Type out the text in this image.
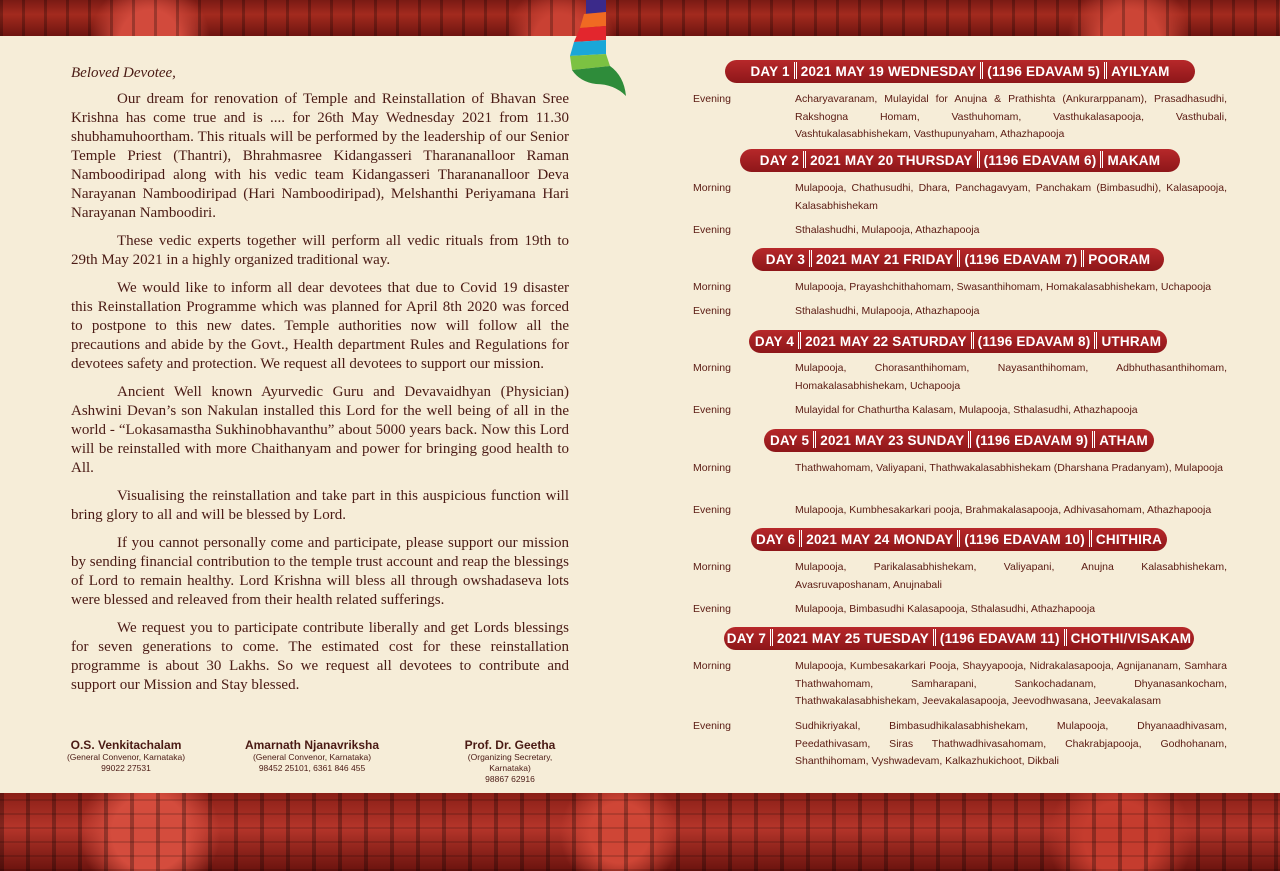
Beloved Devotee,

Our dream for renovation of Temple and Reinstallation of Bhavan Sree Krishna has come true and is .... for 26th May Wednesday 2021 from 11.30 shubhamuhoortham. This rituals will be performed by the leadership of our Senior Temple Priest (Thantri), Bhrahmasree Kidangasseri Tharananalloor Raman Namboodiripad along with his vedic team Kidangasseri Tharananalloor Deva Narayanan Namboodiripad (Hari Namboodiripad), Melshanthi Periyamana Hari Narayanan Namboodiri.

These vedic experts together will perform all vedic rituals from 19th to 29th May 2021 in a highly organized traditional way.

We would like to inform all dear devotees that due to Covid 19 disaster this Reinstallation Programme which was planned for April 8th 2020 was forced to postpone to this new dates. Temple authorities now will follow all the precautions and abide by the Govt., Health department Rules and Regulations for devotees safety and protection. We request all devotees to support our mission.

Ancient Well known Ayurvedic Guru and Devavaidhyan (Physician) Ashwini Devan’s son Nakulan installed this Lord for the well being of all in the world - “Lokasamastha Sukhinobhavanthu” about 5000 years back. Now this Lord will be reinstalled with more Chaithanyam and power for bringing good health to All.

Visualising the reinstallation and take part in this auspicious function will bring glory to all and will be blessed by Lord.

If you cannot personally come and participate, please support our mission by sending financial contribution to the temple trust account and reap the blessings of Lord to remain healthy. Lord Krishna will bless all through owshadaseva lots were blessed and releaved from their health related sufferings.

We request you to participate contribute liberally and get Lords blessings for seven generations to come. The estimated cost for these reinstallation programme is about 30 Lakhs. So we request all devotees to contribute and support our Mission and Stay blessed.

O.S. Venkitachalam
(General Convenor, Karnataka)
99022 27531
Amarnath Njanavriksha
(General Convenor, Karnataka)
98452 25101, 6361 846 455
Prof. Dr. Geetha
(Organizing Secretary, Karnataka)
98867 62916
DAY 1 2021 MAY 19 WEDNESDAY (1196 EDAVAM 5) AYILYAM
Evening	Acharyavaranam, Mulayidal for Anujna & Prathishta (Ankurarppanam), Prasadhasudhi, Rakshogna Homam, Vasthuhomam, Vasthukalasapooja, Vasthubali, Vashtukalasabhishekam, Vasthupunyaham, Athazhapooja
DAY 2 2021 MAY 20 THURSDAY (1196 EDAVAM 6) MAKAM
Morning	Mulapooja, Chathusudhi, Dhara, Panchagavyam, Panchakam (Bimbasudhi), Kalasapooja, Kalasabhishekam
Evening	Sthalashudhi, Mulapooja, Athazhapooja
DAY 3 2021 MAY 21 FRIDAY (1196 EDAVAM 7) POORAM
Morning	Mulapooja, Prayashchithahomam, Swasanthihomam, Homakalasabhishekam, Uchapooja
Evening	Sthalashudhi, Mulapooja, Athazhapooja
DAY 4 2021 MAY 22 SATURDAY (1196 EDAVAM 8) UTHRAM
Morning	Mulapooja, Chorasanthihomam, Nayasanthihomam, Adbhuthasanthihomam, Homakalasabhishekam, Uchapooja
Evening	Mulayidal for Chathurtha Kalasam, Mulapooja, Sthalasudhi, Athazhapooja
DAY 5 2021 MAY 23 SUNDAY (1196 EDAVAM 9) ATHAM
Morning	Thathwahomam, Valiyapani, Thathwakalasabhishekam (Dharshana Pradanyam), Mulapooja
Evening	Mulapooja, Kumbhesakarkari pooja, Brahmakalasapooja, Adhivasahomam, Athazhapooja
DAY 6 2021 MAY 24 MONDAY (1196 EDAVAM 10) CHITHIRA
Morning	Mulapooja, Parikalasabhishekam, Valiyapani, Anujna Kalasabhishekam, Avasruvaposhanam, Anujnabali
Evening	Mulapooja, Bimbasudhi Kalasapooja, Sthalasudhi, Athazhapooja
DAY 7 2021 MAY 25 TUESDAY (1196 EDAVAM 11) CHOTHI/VISAKAM
Morning	Mulapooja, Kumbesakarkari Pooja, Shayyapooja, Nidrakalasapooja, Agnijananam, Samhara Thathwahomam, Samharapani, Sankochadanam, Dhyanasankocham, Thathwakalasabhishekam, Jeevakalasapooja, Jeevodhwasana, Jeevakalasam
Evening	Sudhikriyakal, Bimbasudhikalasabhishekam, Mulapooja, Dhyanaadhivasam, Peedathivasam, Siras Thathwadhivasahomam, Chakrabjapooja, Godhohanam, Shanthihomam, Vyshwadevam, Kalkazhukichoot, Dikbali
